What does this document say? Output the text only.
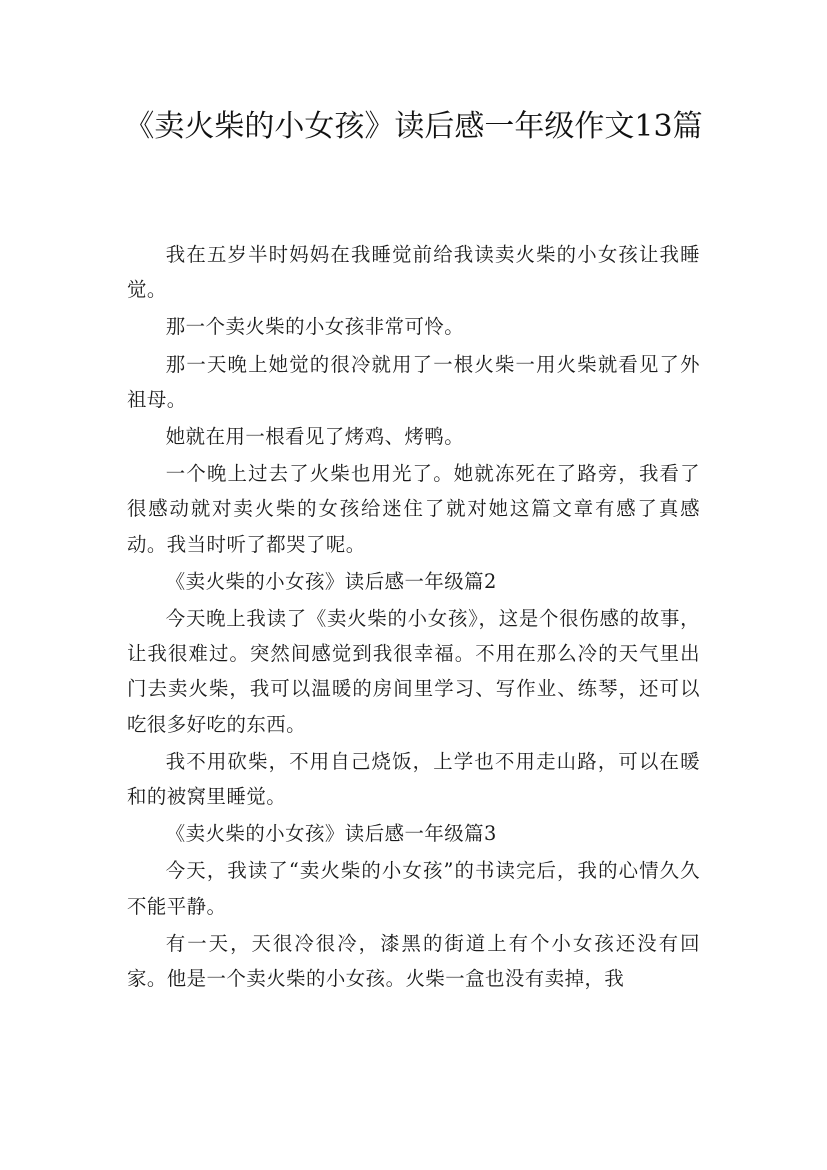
《卖火柴的小女孩》读后感一年级作文13篇

我在五岁半时妈妈在我睡觉前给我读卖火柴的小女孩让我睡觉。

那一个卖火柴的小女孩非常可怜。

那一天晚上她觉的很冷就用了一根火柴一用火柴就看见了外祖母。

她就在用一根看见了烤鸡、烤鸭。

一个晚上过去了火柴也用光了。她就冻死在了路旁，我看了很感动就对卖火柴的女孩给迷住了就对她这篇文章有感了真感动。我当时听了都哭了呢。

《卖火柴的小女孩》读后感一年级篇2

今天晚上我读了《卖火柴的小女孩》，这是个很伤感的故事，让我很难过。突然间感觉到我很幸福。不用在那么冷的天气里出门去卖火柴，我可以温暖的房间里学习、写作业、练琴，还可以吃很多好吃的东西。

我不用砍柴，不用自己烧饭，上学也不用走山路，可以在暖和的被窝里睡觉。

《卖火柴的小女孩》读后感一年级篇3

今天，我读了“卖火柴的小女孩”的书读完后，我的心情久久不能平静。

有一天，天很冷很冷，漆黑的街道上有个小女孩还没有回家。他是一个卖火柴的小女孩。火柴一盒也没有卖掉，我
